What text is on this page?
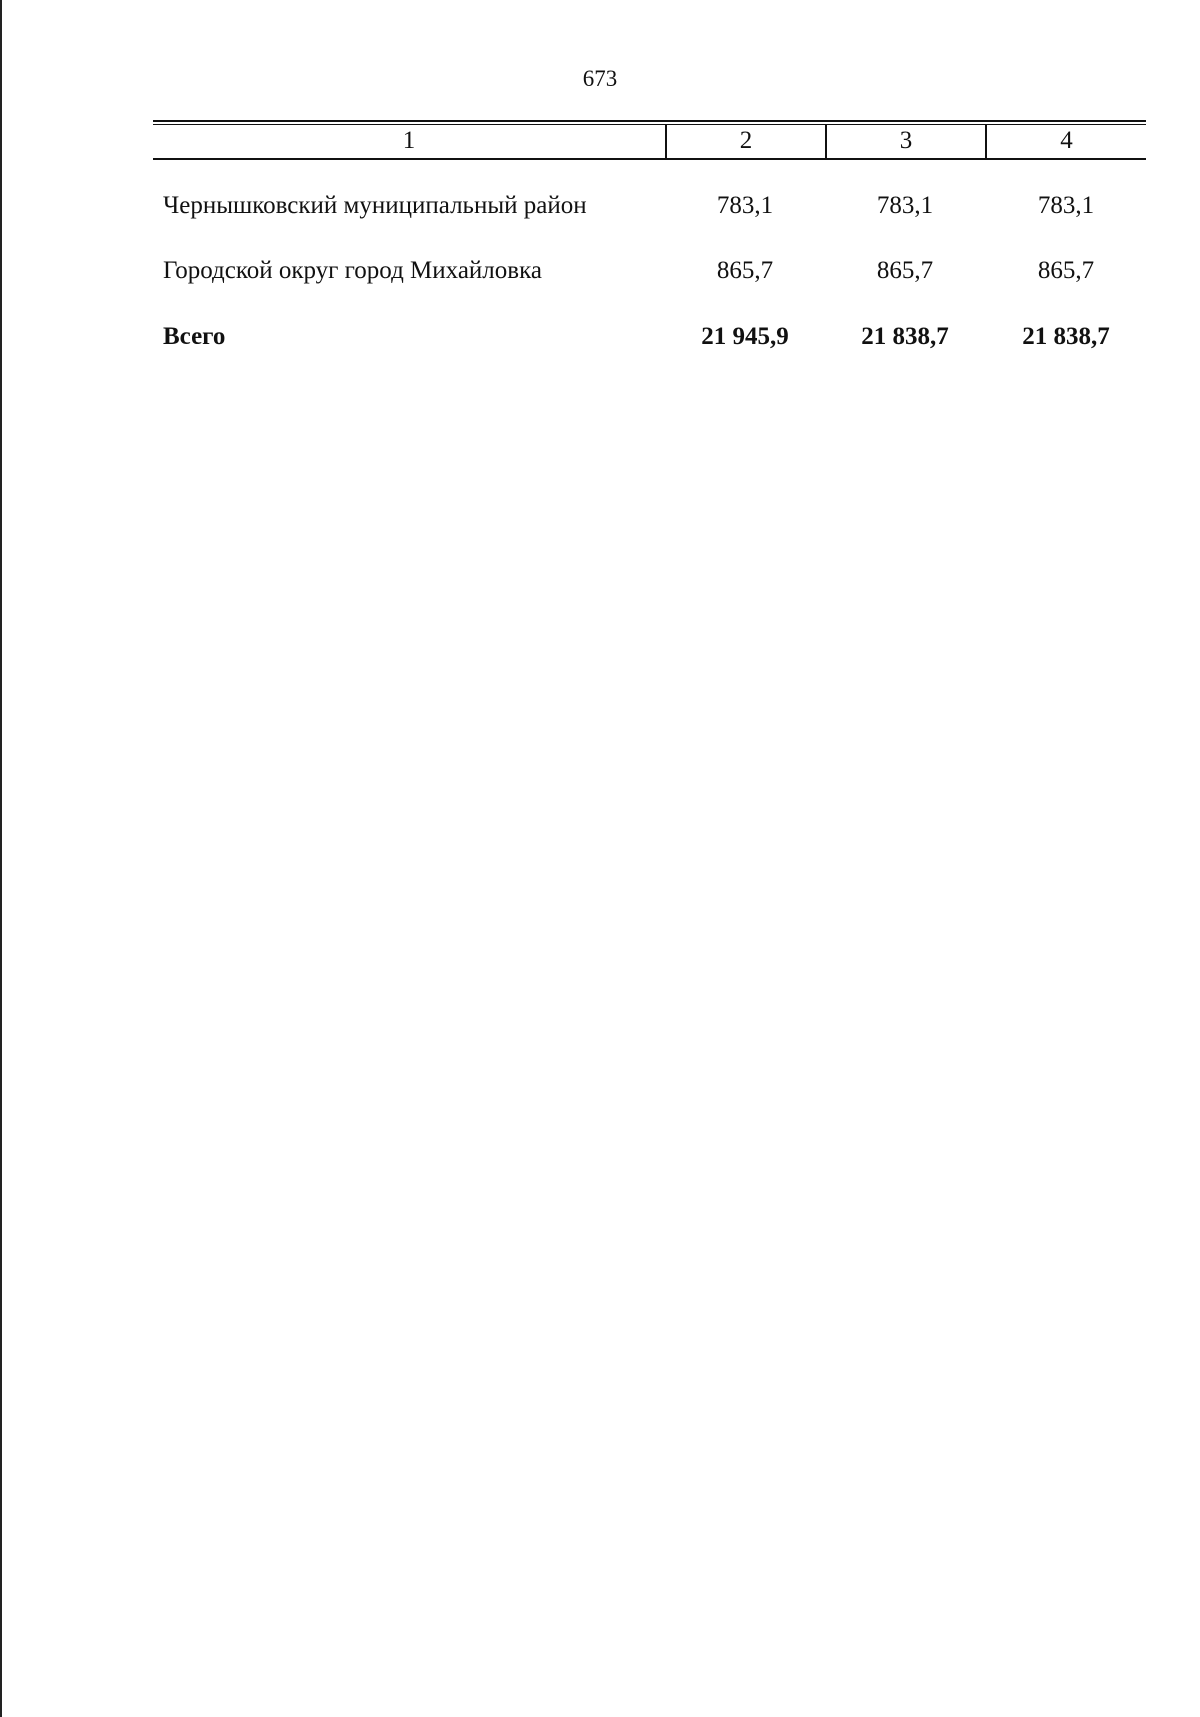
673
1	2	3	4
Чернышковский муниципальный район	783,1	783,1	783,1
Городской округ город Михайловка	865,7	865,7	865,7
Всего	21 945,9	21 838,7	21 838,7
